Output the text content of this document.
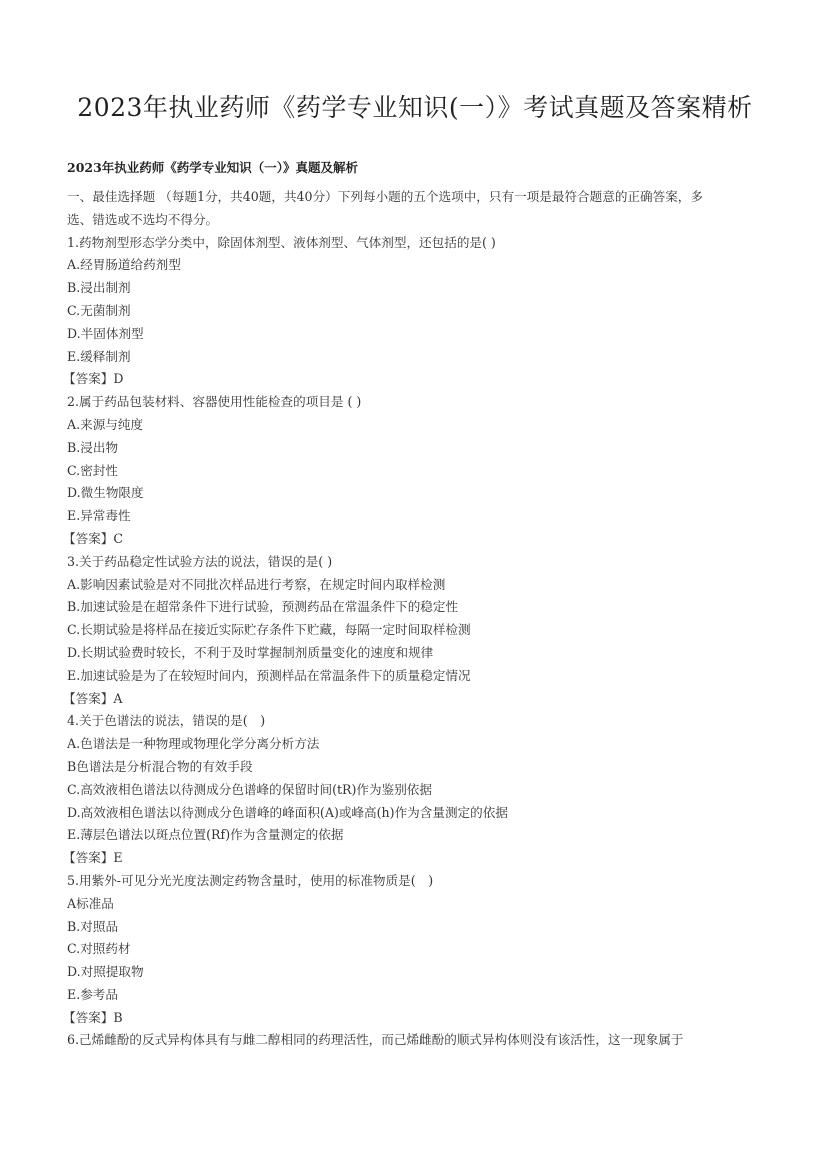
2023年执业药师《药学专业知识(一）》考试真题及答案精析
2023年执业药师《药学专业知识（一）》真题及解析
一、最佳选择题 （每题1分，共40题，共40分）下列每小题的五个选项中，只有一项是最符合题意的正确答案，多
选、错选或不选均不得分。
1.药物剂型形态学分类中，除固体剂型、液体剂型、气体剂型，还包括的是( )
A.经胃肠道给药剂型
B.浸出制剂
C.无菌制剂
D.半固体剂型
E.缓释制剂
【答案】D
2.属于药品包装材料、容器使用性能检查的项目是 ( )
A.来源与纯度
B.浸出物
C.密封性
D.微生物限度
E.异常毒性
【答案】C
3.关于药品稳定性试验方法的说法，错误的是( )
A.影响因素试验是对不同批次样品进行考察，在规定时间内取样检测
B.加速试验是在超常条件下进行试验，预测药品在常温条件下的稳定性
C.长期试验是将样品在接近实际贮存条件下贮藏，每隔一定时间取样检测
D.长期试验费时较长，不利于及时掌握制剂质量变化的速度和规律
E.加速试验是为了在较短时间内，预测样品在常温条件下的质量稳定情况
【答案】A
4.关于色谱法的说法，错误的是(　)
A.色谱法是一种物理或物理化学分离分析方法
B色谱法是分析混合物的有效手段
C.高效液相色谱法以待测成分色谱峰的保留时间(tR)作为鉴别依据
D.高效液相色谱法以待测成分色谱峰的峰面积(A)或峰高(h)作为含量测定的依据
E.薄层色谱法以斑点位置(Rf)作为含量测定的依据
【答案】E
5.用紫外-可见分光光度法测定药物含量时，使用的标准物质是(　)
A标准品
B.对照品
C.对照药材
D.对照提取物
E.参考品
【答案】B
6.己烯雌酚的反式异构体具有与雌二醇相同的药理活性，而己烯雌酚的顺式异构体则没有该活性，这一现象属于
